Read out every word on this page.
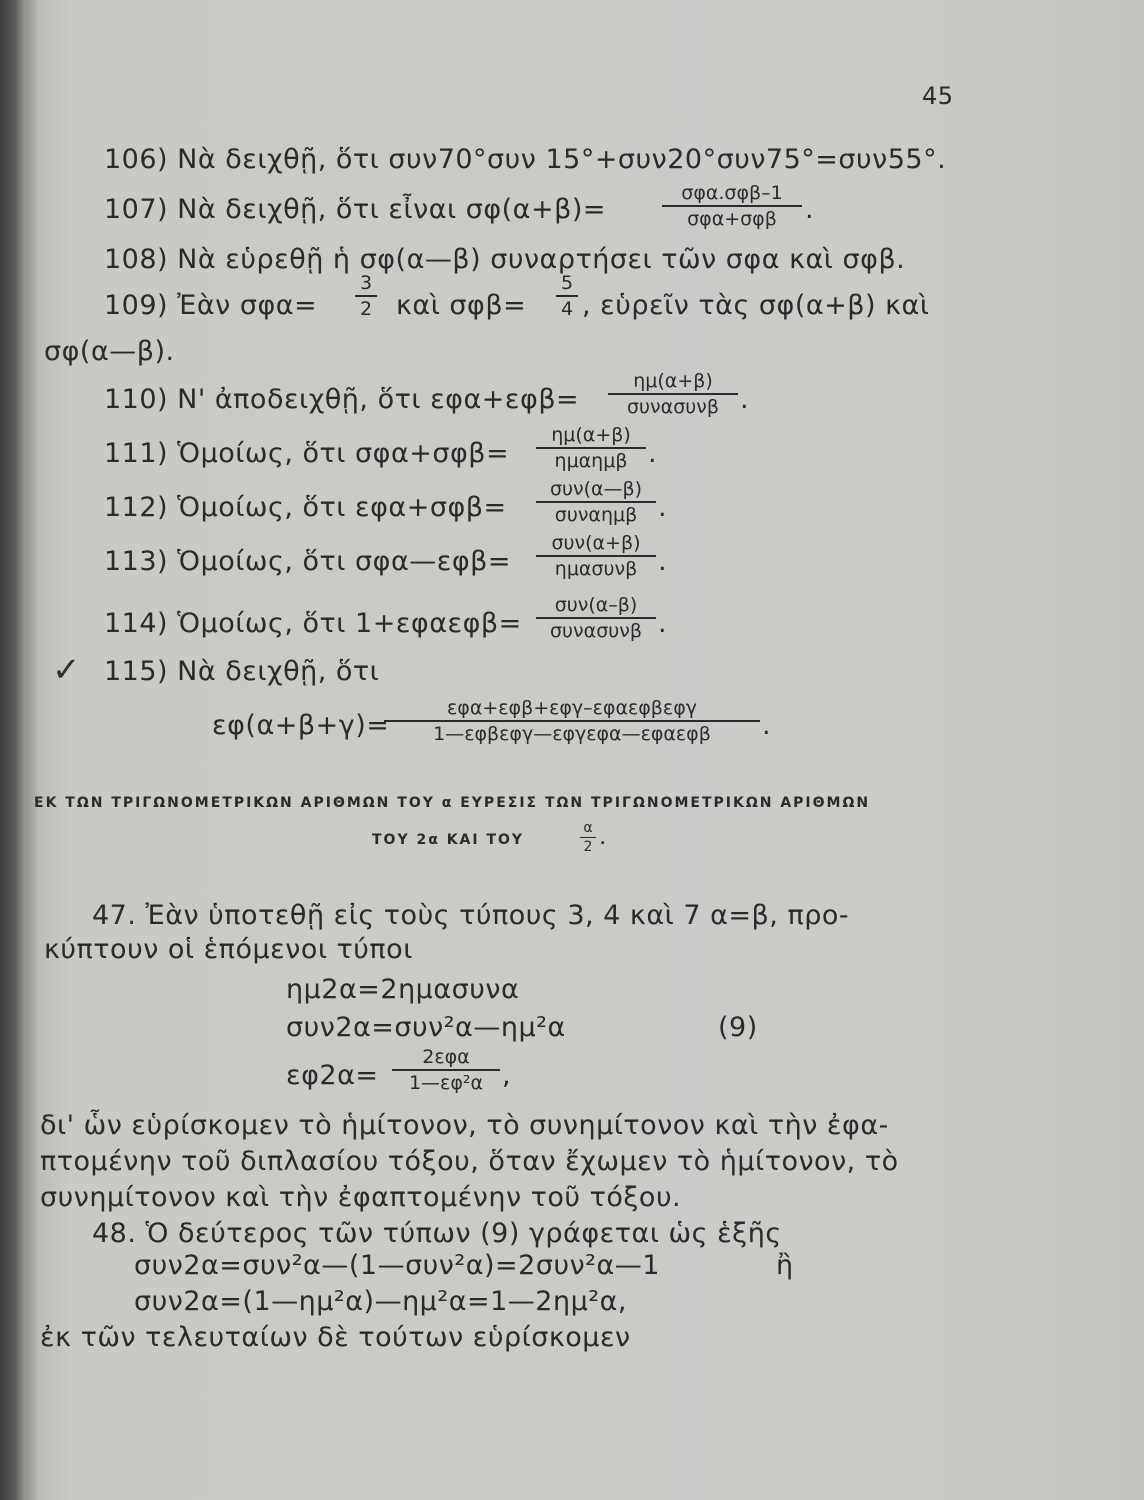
45
106) Νὰ δειχθῇ, ὅτι συν70°συν 15°+συν20°συν75°=συν55°.
107) Νὰ δειχθῇ, ὅτι εἶναι σφ(α+β)=
σφα.σφβ–1
σφα+σφβ	.
108) Νὰ εὑρεθῇ ἡ σφ(α—β) συναρτήσει τῶν σφα καὶ σφβ.
109) Ἐὰν σφα=
3
2 καὶ σφβ=
5
4 , εὑρεῖν τὰς σφ(α+β) καὶ
σφ(α—β).
110) Ν' ἀποδειχθῇ, ὅτι εφα+εφβ=
ημ(α+β)
συνασυνβ .
111) Ὁμοίως, ὅτι σφα+σφβ=
ημ(α+β)
ημαημβ .
112) Ὁμοίως, ὅτι εφα+σφβ=
συν(α—β)
συναημβ .
113) Ὁμοίως, ὅτι σφα—εφβ=
συν(α+β)
ημασυνβ .
114) Ὁμοίως, ὅτι 1+εφαεφβ=
συν(α–β)
συνασυνβ .
✓ 115) Νὰ δειχθῇ, ὅτι
εφ(α+β+γ)=
εφα+εφβ+εφγ–εφαεφβεφγ
1—εφβεφγ—εφγεφα—εφαεφβ	.
ΕΚ ΤΩΝ ΤΡΙΓΩΝΟΜΕΤΡΙΚΩΝ ΑΡΙΘΜΩΝ ΤΟΥ α ΕΥΡΕΣΙΣ ΤΩΝ ΤΡΙΓΩΝΟΜΕΤΡΙΚΩΝ ΑΡΙΘΜΩΝ
ΤΟΥ 2α ΚΑΙ ΤΟΥ
α
2 .
47. Ἐὰν ὑποτεθῇ εἰς τοὺς τύπους 3, 4 καὶ 7 α=β, προ-
κύπτουν οἱ ἑπόμενοι τύποι
ημ2α=2ημασυνα
συν2α=συν²α—ημ²α	(9)
εφ2α=
2εφα
1—εφ²α ,
δι' ὧν εὑρίσκομεν τὸ ἡμίτονον, τὸ συνημίτονον καὶ τὴν ἐφα-
πτομένην τοῦ διπλασίου τόξου, ὅταν ἔχωμεν τὸ ἡμίτονον, τὸ
συνημίτονον καὶ τὴν ἐφαπτομένην τοῦ τόξου.
48. Ὁ δεύτερος τῶν τύπων (9) γράφεται ὡς ἑξῆς
συν2α=συν²α—(1—συν²α)=2συν²α—1	ἢ
συν2α=(1—ημ²α)—ημ²α=1—2ημ²α,
ἐκ τῶν τελευταίων δὲ τούτων εὑρίσκομεν
